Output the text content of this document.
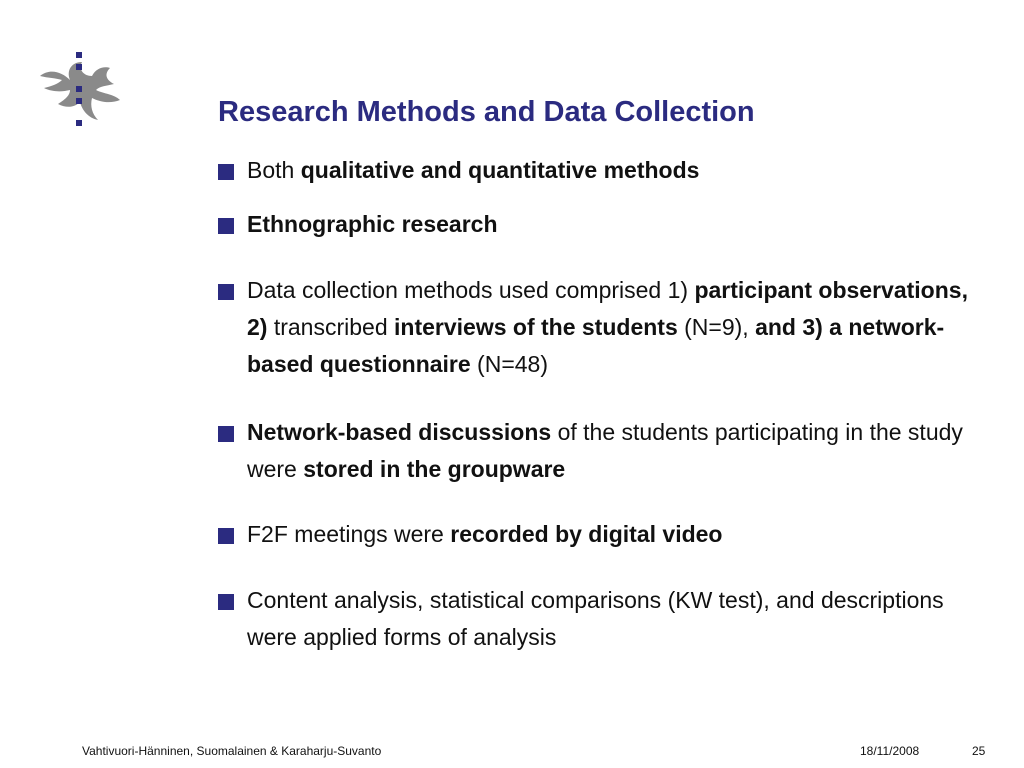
Research Methods and Data Collection
Both qualitative and quantitative methods
Ethnographic research
Data collection methods used comprised 1) participant observations, 2) transcribed interviews of the students (N=9), and 3) a network-based questionnaire (N=48)
Network-based discussions of the students participating in the study were stored in the groupware
F2F meetings were recorded by digital video
Content analysis, statistical comparisons (KW test), and descriptions were applied forms of analysis
Vahtivuori-Hänninen, Suomalainen & Karaharju-Suvanto	18/11/2008	25
